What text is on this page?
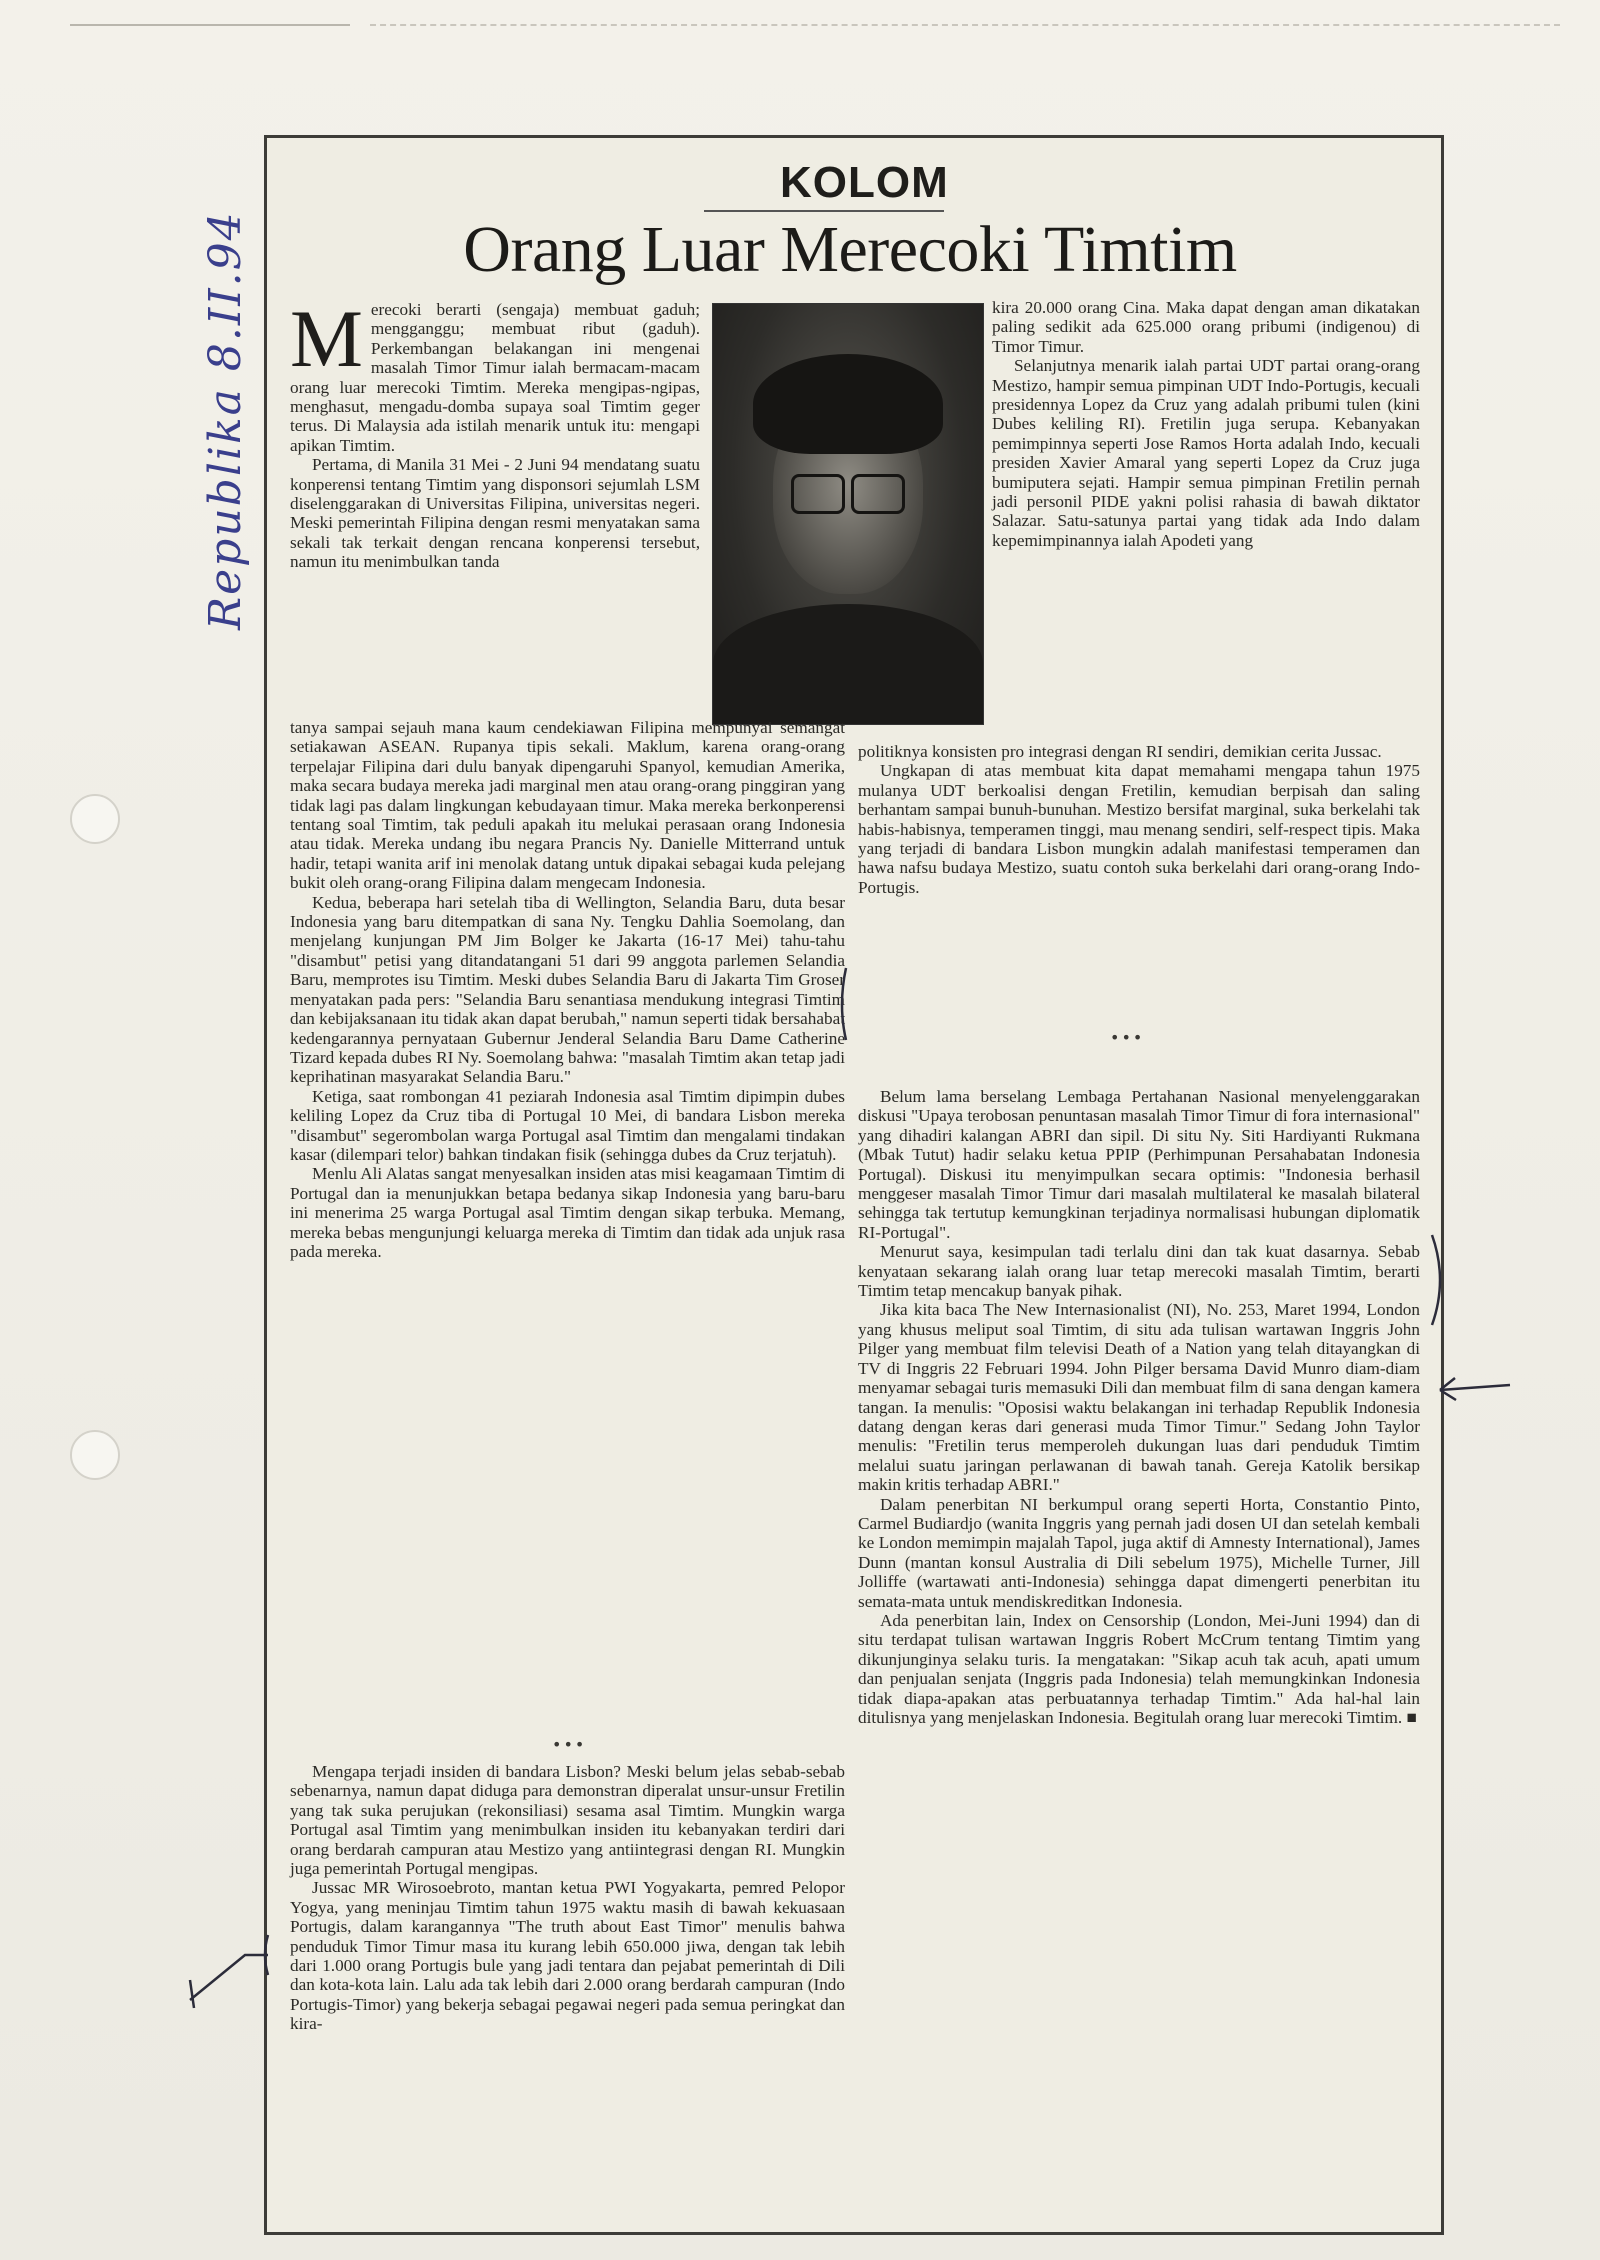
Republika 8.II.94
KOLOM
Orang Luar Merecoki Timtim

Merecoki berarti (sengaja) membuat gaduh; mengganggu; membuat ribut (gaduh). Perkembangan belakangan ini mengenai masalah Timor Timur ialah bermacam-macam orang luar merecoki Timtim. Mereka mengipas-ngipas, menghasut, mengadu-domba supaya soal Timtim geger terus. Di Malaysia ada istilah menarik untuk itu: mengapi apikan Timtim.

Pertama, di Manila 31 Mei - 2 Juni 94 mendatang suatu konperensi tentang Timtim yang disponsori sejumlah LSM diselenggarakan di Universitas Filipina, universitas negeri. Meski pemerintah Filipina dengan resmi menyatakan sama sekali tak terkait dengan rencana konperensi tersebut, namun itu menimbulkan tanda

tanya sampai sejauh mana kaum cendekiawan Filipina mempunyai semangat setiakawan ASEAN. Rupanya tipis sekali. Maklum, karena orang-orang terpelajar Filipina dari dulu banyak dipengaruhi Spanyol, kemudian Amerika, maka secara budaya mereka jadi marginal men atau orang-orang pinggiran yang tidak lagi pas dalam lingkungan kebudayaan timur. Maka mereka berkonperensi tentang soal Timtim, tak peduli apakah itu melukai perasaan orang Indonesia atau tidak. Mereka undang ibu negara Prancis Ny. Danielle Mitterrand untuk hadir, tetapi wanita arif ini menolak datang untuk dipakai sebagai kuda pelejang bukit oleh orang-orang Filipina dalam mengecam Indonesia.

Kedua, beberapa hari setelah tiba di Wellington, Selandia Baru, duta besar Indonesia yang baru ditempatkan di sana Ny. Tengku Dahlia Soemolang, dan menjelang kunjungan PM Jim Bolger ke Jakarta (16-17 Mei) tahu-tahu "disambut" petisi yang ditandatangani 51 dari 99 anggota parlemen Selandia Baru, memprotes isu Timtim. Meski dubes Selandia Baru di Jakarta Tim Groser menyatakan pada pers: "Selandia Baru senantiasa mendukung integrasi Timtim dan kebijaksanaan itu tidak akan dapat berubah," namun seperti tidak bersahabat kedengarannya pernyataan Gubernur Jenderal Selandia Baru Dame Catherine Tizard kepada dubes RI Ny. Soemolang bahwa: "masalah Timtim akan tetap jadi keprihatinan masyarakat Selandia Baru."

Ketiga, saat rombongan 41 peziarah Indonesia asal Timtim dipimpin dubes keliling Lopez da Cruz tiba di Portugal 10 Mei, di bandara Lisbon mereka "disambut" segerombolan warga Portugal asal Timtim dan mengalami tindakan kasar (dilempari telor) bahkan tindakan fisik (sehingga dubes da Cruz terjatuh).

Menlu Ali Alatas sangat menyesalkan insiden atas misi keagamaan Timtim di Portugal dan ia menunjukkan betapa bedanya sikap Indonesia yang baru-baru ini menerima 25 warga Portugal asal Timtim dengan sikap terbuka. Memang, mereka bebas mengunjungi keluarga mereka di Timtim dan tidak ada unjuk rasa pada mereka.

•••

Mengapa terjadi insiden di bandara Lisbon? Meski belum jelas sebab-sebab sebenarnya, namun dapat diduga para demonstran diperalat unsur-unsur Fretilin yang tak suka perujukan (rekonsiliasi) sesama asal Timtim. Mungkin warga Portugal asal Timtim yang menimbulkan insiden itu kebanyakan terdiri dari orang berdarah campuran atau Mestizo yang antiintegrasi dengan RI. Mungkin juga pemerintah Portugal mengipas.

Jussac MR Wirosoebroto, mantan ketua PWI Yogyakarta, pemred Pelopor Yogya, yang meninjau Timtim tahun 1975 waktu masih di bawah kekuasaan Portugis, dalam karangannya "The truth about East Timor" menulis bahwa penduduk Timor Timur masa itu kurang lebih 650.000 jiwa, dengan tak lebih dari 1.000 orang Portugis bule yang jadi tentara dan pejabat pemerintah di Dili dan kota-kota lain. Lalu ada tak lebih dari 2.000 orang berdarah campuran (Indo Portugis-Timor) yang bekerja sebagai pegawai negeri pada semua peringkat dan kira-

kira 20.000 orang Cina. Maka dapat dengan aman dikatakan paling sedikit ada 625.000 orang pribumi (indigenou) di Timor Timur.

Selanjutnya menarik ialah partai UDT partai orang-orang Mestizo, hampir semua pimpinan UDT Indo-Portugis, kecuali presidennya Lopez da Cruz yang adalah pribumi tulen (kini Dubes keliling RI). Fretilin juga serupa. Kebanyakan pemimpinnya seperti Jose Ramos Horta adalah Indo, kecuali presiden Xavier Amaral yang seperti Lopez da Cruz juga bumiputera sejati. Hampir semua pimpinan Fretilin pernah jadi personil PIDE yakni polisi rahasia di bawah diktator Salazar. Satu-satunya partai yang tidak ada Indo dalam kepemimpinannya ialah Apodeti yang

politiknya konsisten pro integrasi dengan RI sendiri, demikian cerita Jussac.

Ungkapan di atas membuat kita dapat memahami mengapa tahun 1975 mulanya UDT berkoalisi dengan Fretilin, kemudian berpisah dan saling berhantam sampai bunuh-bunuhan. Mestizo bersifat marginal, suka berkelahi tak habis-habisnya, temperamen tinggi, mau menang sendiri, self-respect tipis. Maka yang terjadi di bandara Lisbon mungkin adalah manifestasi temperamen dan hawa nafsu budaya Mestizo, suatu contoh suka berkelahi dari orang-orang Indo-Portugis.

•••

Belum lama berselang Lembaga Pertahanan Nasional menyelenggarakan diskusi "Upaya terobosan penuntasan masalah Timor Timur di fora internasional" yang dihadiri kalangan ABRI dan sipil. Di situ Ny. Siti Hardiyanti Rukmana (Mbak Tutut) hadir selaku ketua PPIP (Perhimpunan Persahabatan Indonesia Portugal). Diskusi itu menyimpulkan secara optimis: "Indonesia berhasil menggeser masalah Timor Timur dari masalah multilateral ke masalah bilateral sehingga tak tertutup kemungkinan terjadinya normalisasi hubungan diplomatik RI-Portugal".

Menurut saya, kesimpulan tadi terlalu dini dan tak kuat dasarnya. Sebab kenyataan sekarang ialah orang luar tetap merecoki masalah Timtim, berarti Timtim tetap mencakup banyak pihak.

Jika kita baca The New Internasionalist (NI), No. 253, Maret 1994, London yang khusus meliput soal Timtim, di situ ada tulisan wartawan Inggris John Pilger yang membuat film televisi Death of a Nation yang telah ditayangkan di TV di Inggris 22 Februari 1994. John Pilger bersama David Munro diam-diam menyamar sebagai turis memasuki Dili dan membuat film di sana dengan kamera tangan. Ia menulis: "Oposisi waktu belakangan ini terhadap Republik Indonesia datang dengan keras dari generasi muda Timor Timur." Sedang John Taylor menulis: "Fretilin terus memperoleh dukungan luas dari penduduk Timtim melalui suatu jaringan perlawanan di bawah tanah. Gereja Katolik bersikap makin kritis terhadap ABRI."

Dalam penerbitan NI berkumpul orang seperti Horta, Constantio Pinto, Carmel Budiardjo (wanita Inggris yang pernah jadi dosen UI dan setelah kembali ke London memimpin majalah Tapol, juga aktif di Amnesty International), James Dunn (mantan konsul Australia di Dili sebelum 1975), Michelle Turner, Jill Jolliffe (wartawati anti-Indonesia) sehingga dapat dimengerti penerbitan itu semata-mata untuk mendiskreditkan Indonesia.

Ada penerbitan lain, Index on Censorship (London, Mei-Juni 1994) dan di situ terdapat tulisan wartawan Inggris Robert McCrum tentang Timtim yang dikunjunginya selaku turis. Ia mengatakan: "Sikap acuh tak acuh, apati umum dan penjualan senjata (Inggris pada Indonesia) telah memungkinkan Indonesia tidak diapa-apakan atas perbuatannya terhadap Timtim." Ada hal-hal lain ditulisnya yang menjelaskan Indonesia. Begitulah orang luar merecoki Timtim. ■
